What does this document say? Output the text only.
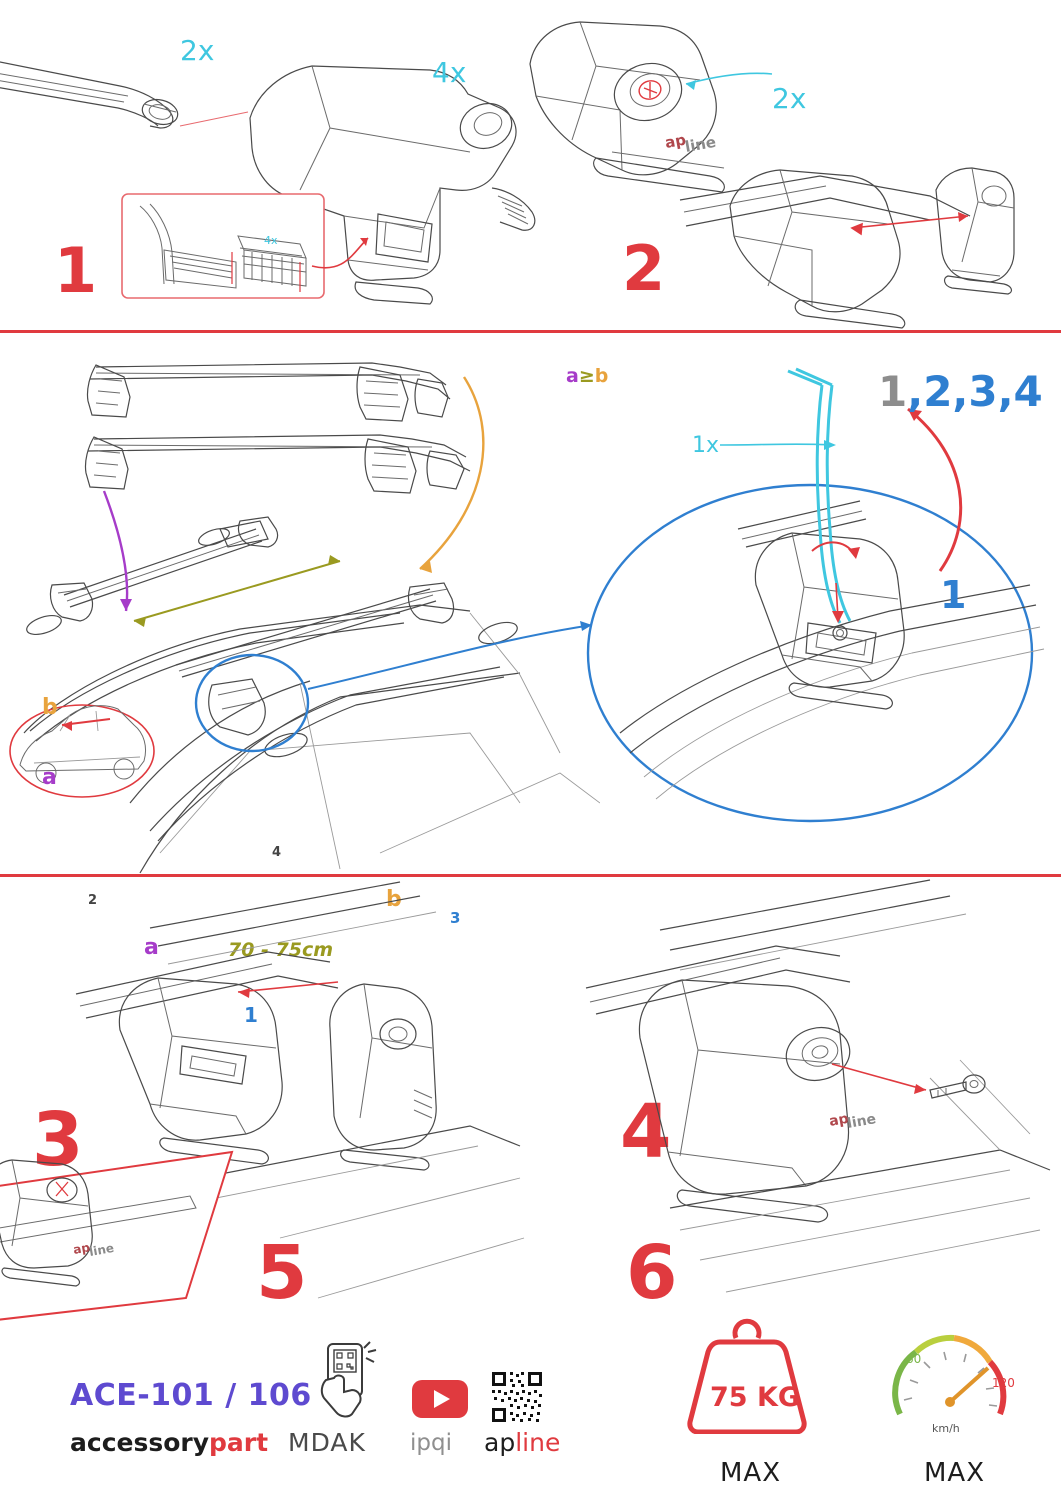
4x
2x
4x
1
ap
line
2x
2
b
a
a
b
70 - 75cm
2
4
3
1
3
1x
1,2,3,4
1
4
a≥b
ap
line 5
ap
line
6
ACE-101 / 106
accessorypart MDAK ipqi apline
75 KG
MAX
60
120
km/h
MAX
